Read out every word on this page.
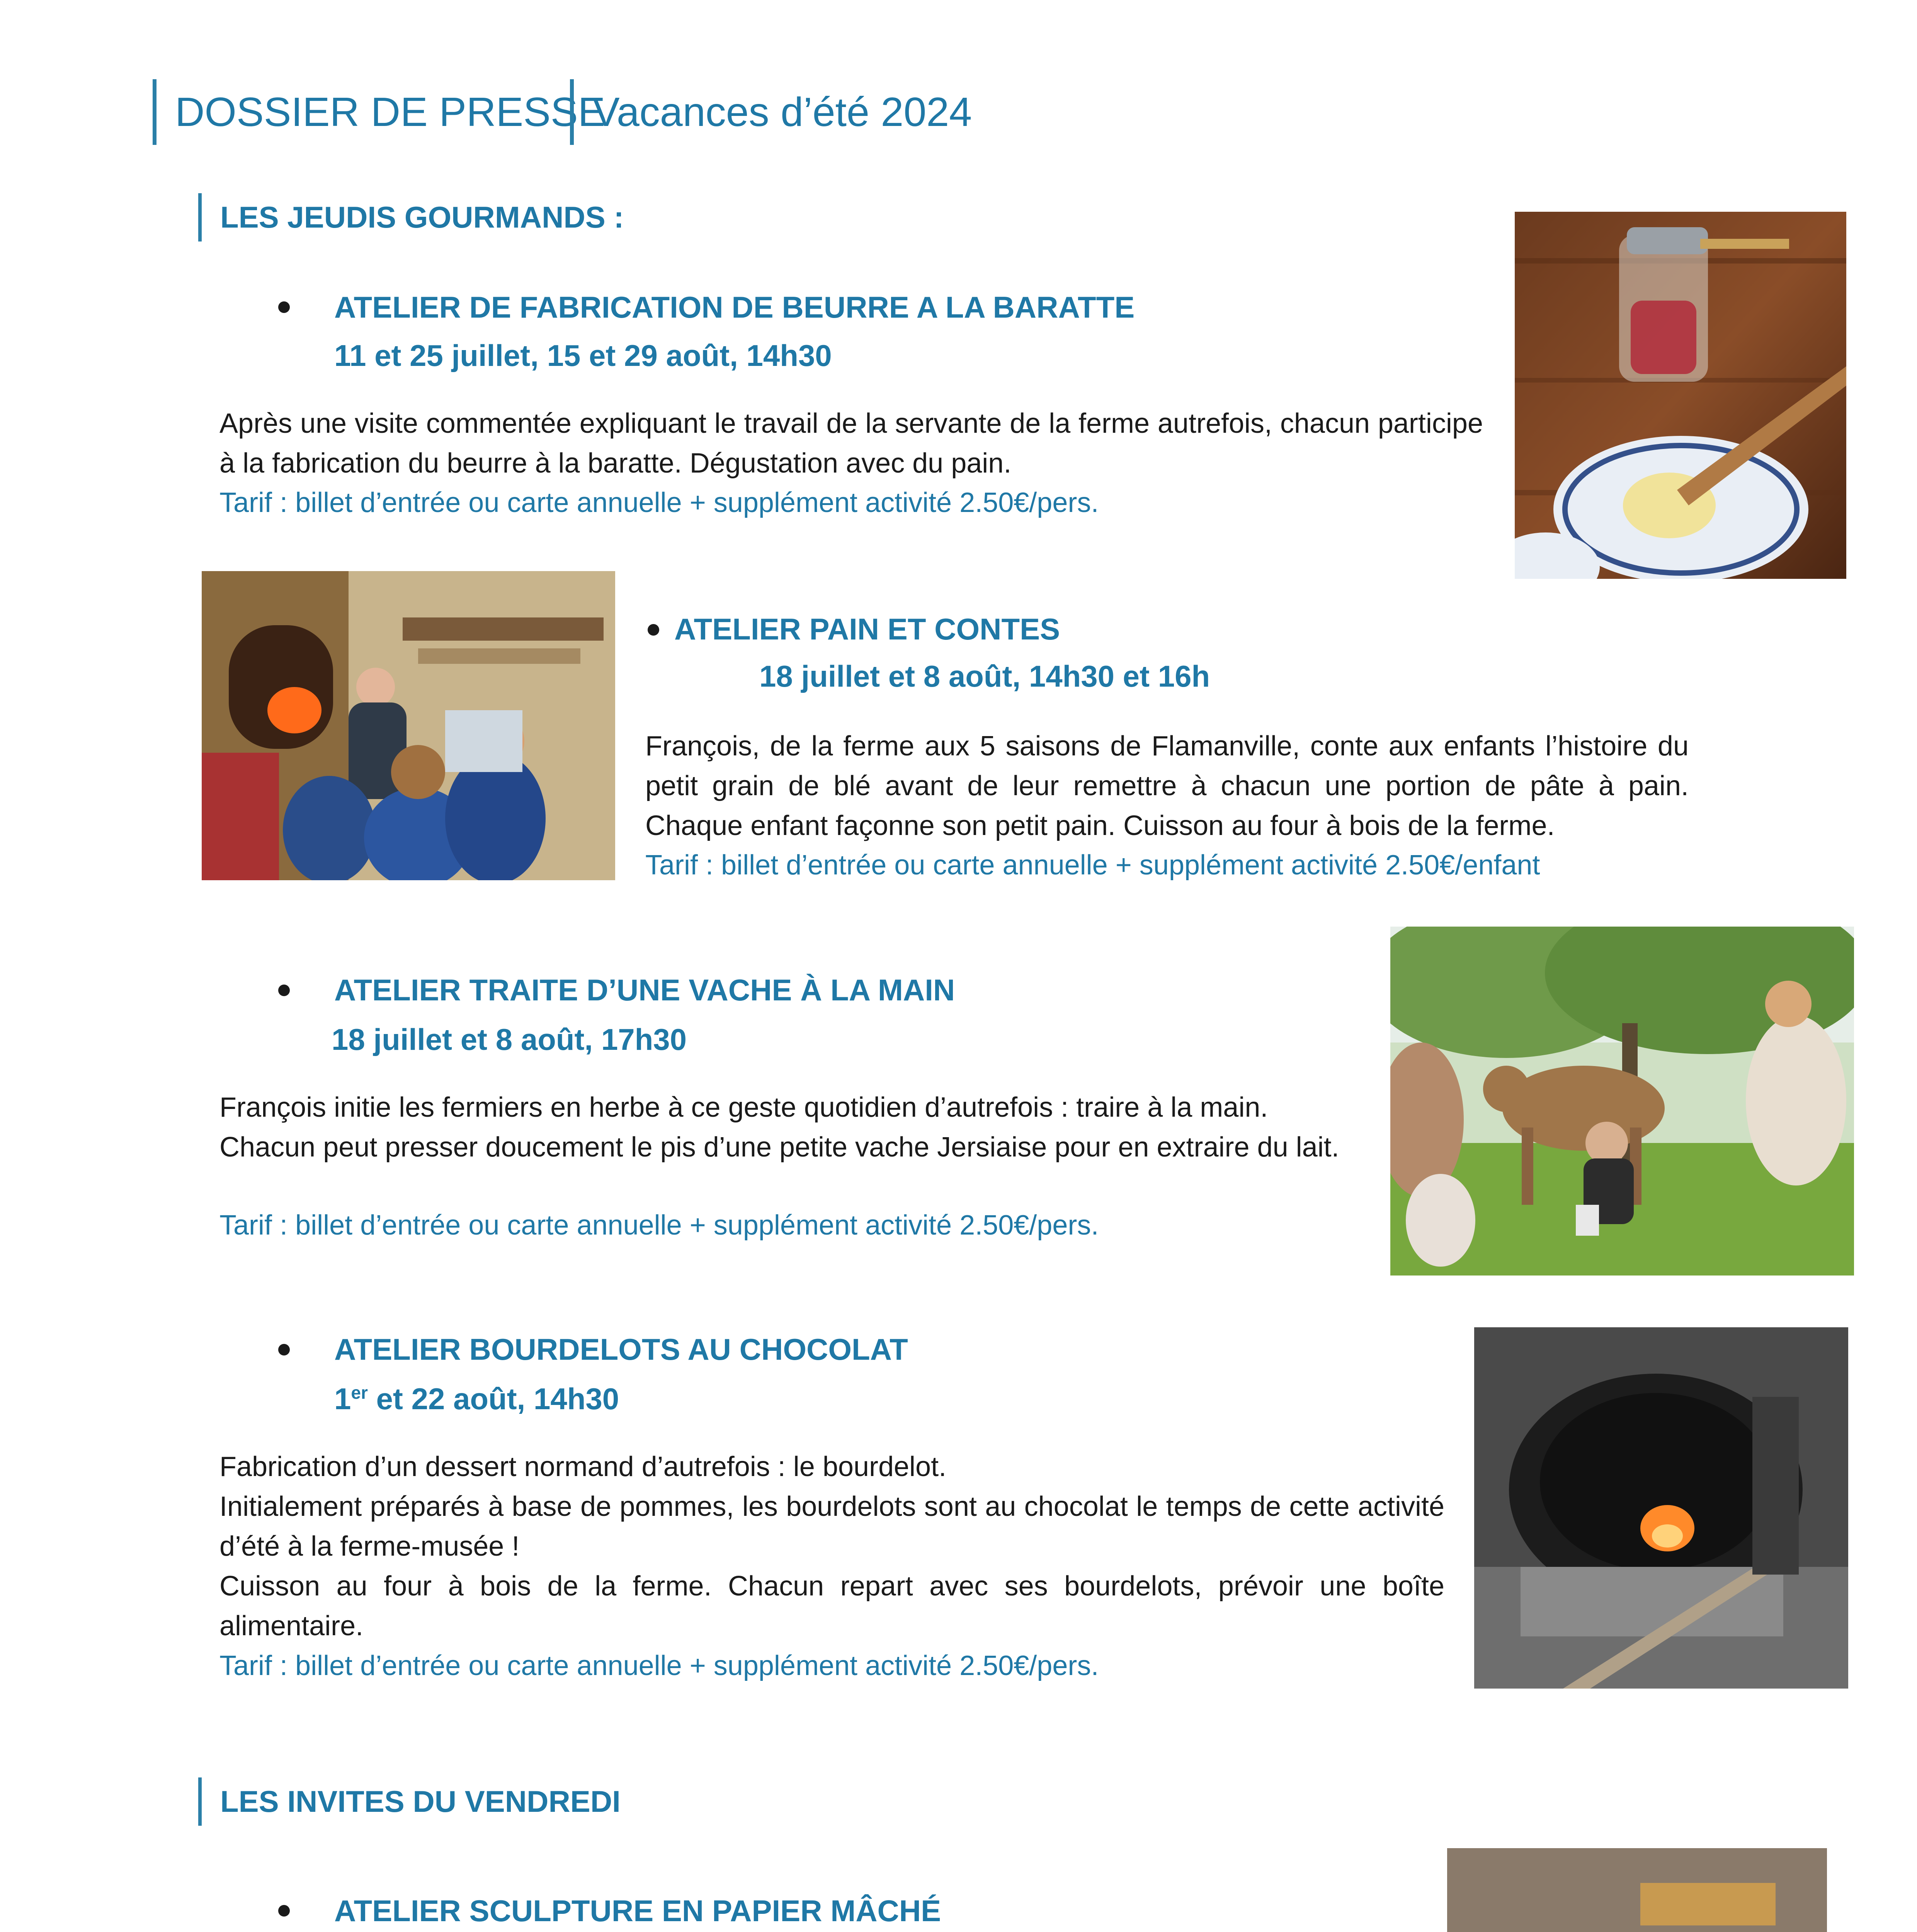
DOSSIER DE PRESSE
Vacances d’été 2024
LES JEUDIS GOURMANDS :
ATELIER DE FABRICATION DE BEURRE A LA BARATTE
11 et 25 juillet, 15 et 29 août, 14h30

Après une visite commentée expliquant le travail de la servante de la ferme autrefois, chacun participe à la fabrication du beurre à la baratte. Dégustation avec du pain.

Tarif : billet d’entrée ou carte annuelle + supplément activité 2.50€/pers.
ATELIER PAIN ET CONTES
18 juillet et 8 août, 14h30 et 16h

François, de la ferme aux 5 saisons de Flamanville, conte aux enfants l’histoire du petit grain de blé avant de leur remettre à chacun une portion de pâte à pain. Chaque enfant façonne son petit pain. Cuisson au four à bois de la ferme.

Tarif : billet d’entrée ou carte annuelle + supplément activité 2.50€/enfant
ATELIER TRAITE D’UNE VACHE À LA MAIN
18 juillet et 8 août, 17h30

François initie les fermiers en herbe à ce geste quotidien d’autrefois : traire à la main.

Chacun peut presser doucement le pis d’une petite vache Jersiaise pour en extraire du lait.

Tarif : billet d’entrée ou carte annuelle + supplément activité 2.50€/pers.
ATELIER BOURDELOTS AU CHOCOLAT
1er et 22 août, 14h30

Fabrication d’un dessert normand d’autrefois : le bourdelot.

Initialement préparés à base de pommes, les bourdelots sont au chocolat le temps de cette activité d’été à la ferme-musée !

Cuisson au four à bois de la ferme. Chacun repart avec ses bourdelots, prévoir une boîte alimentaire.

Tarif : billet d’entrée ou carte annuelle + supplément activité 2.50€/pers.
LES INVITES DU VENDREDI
ATELIER SCULPTURE EN PAPIER MÂCHÉ
